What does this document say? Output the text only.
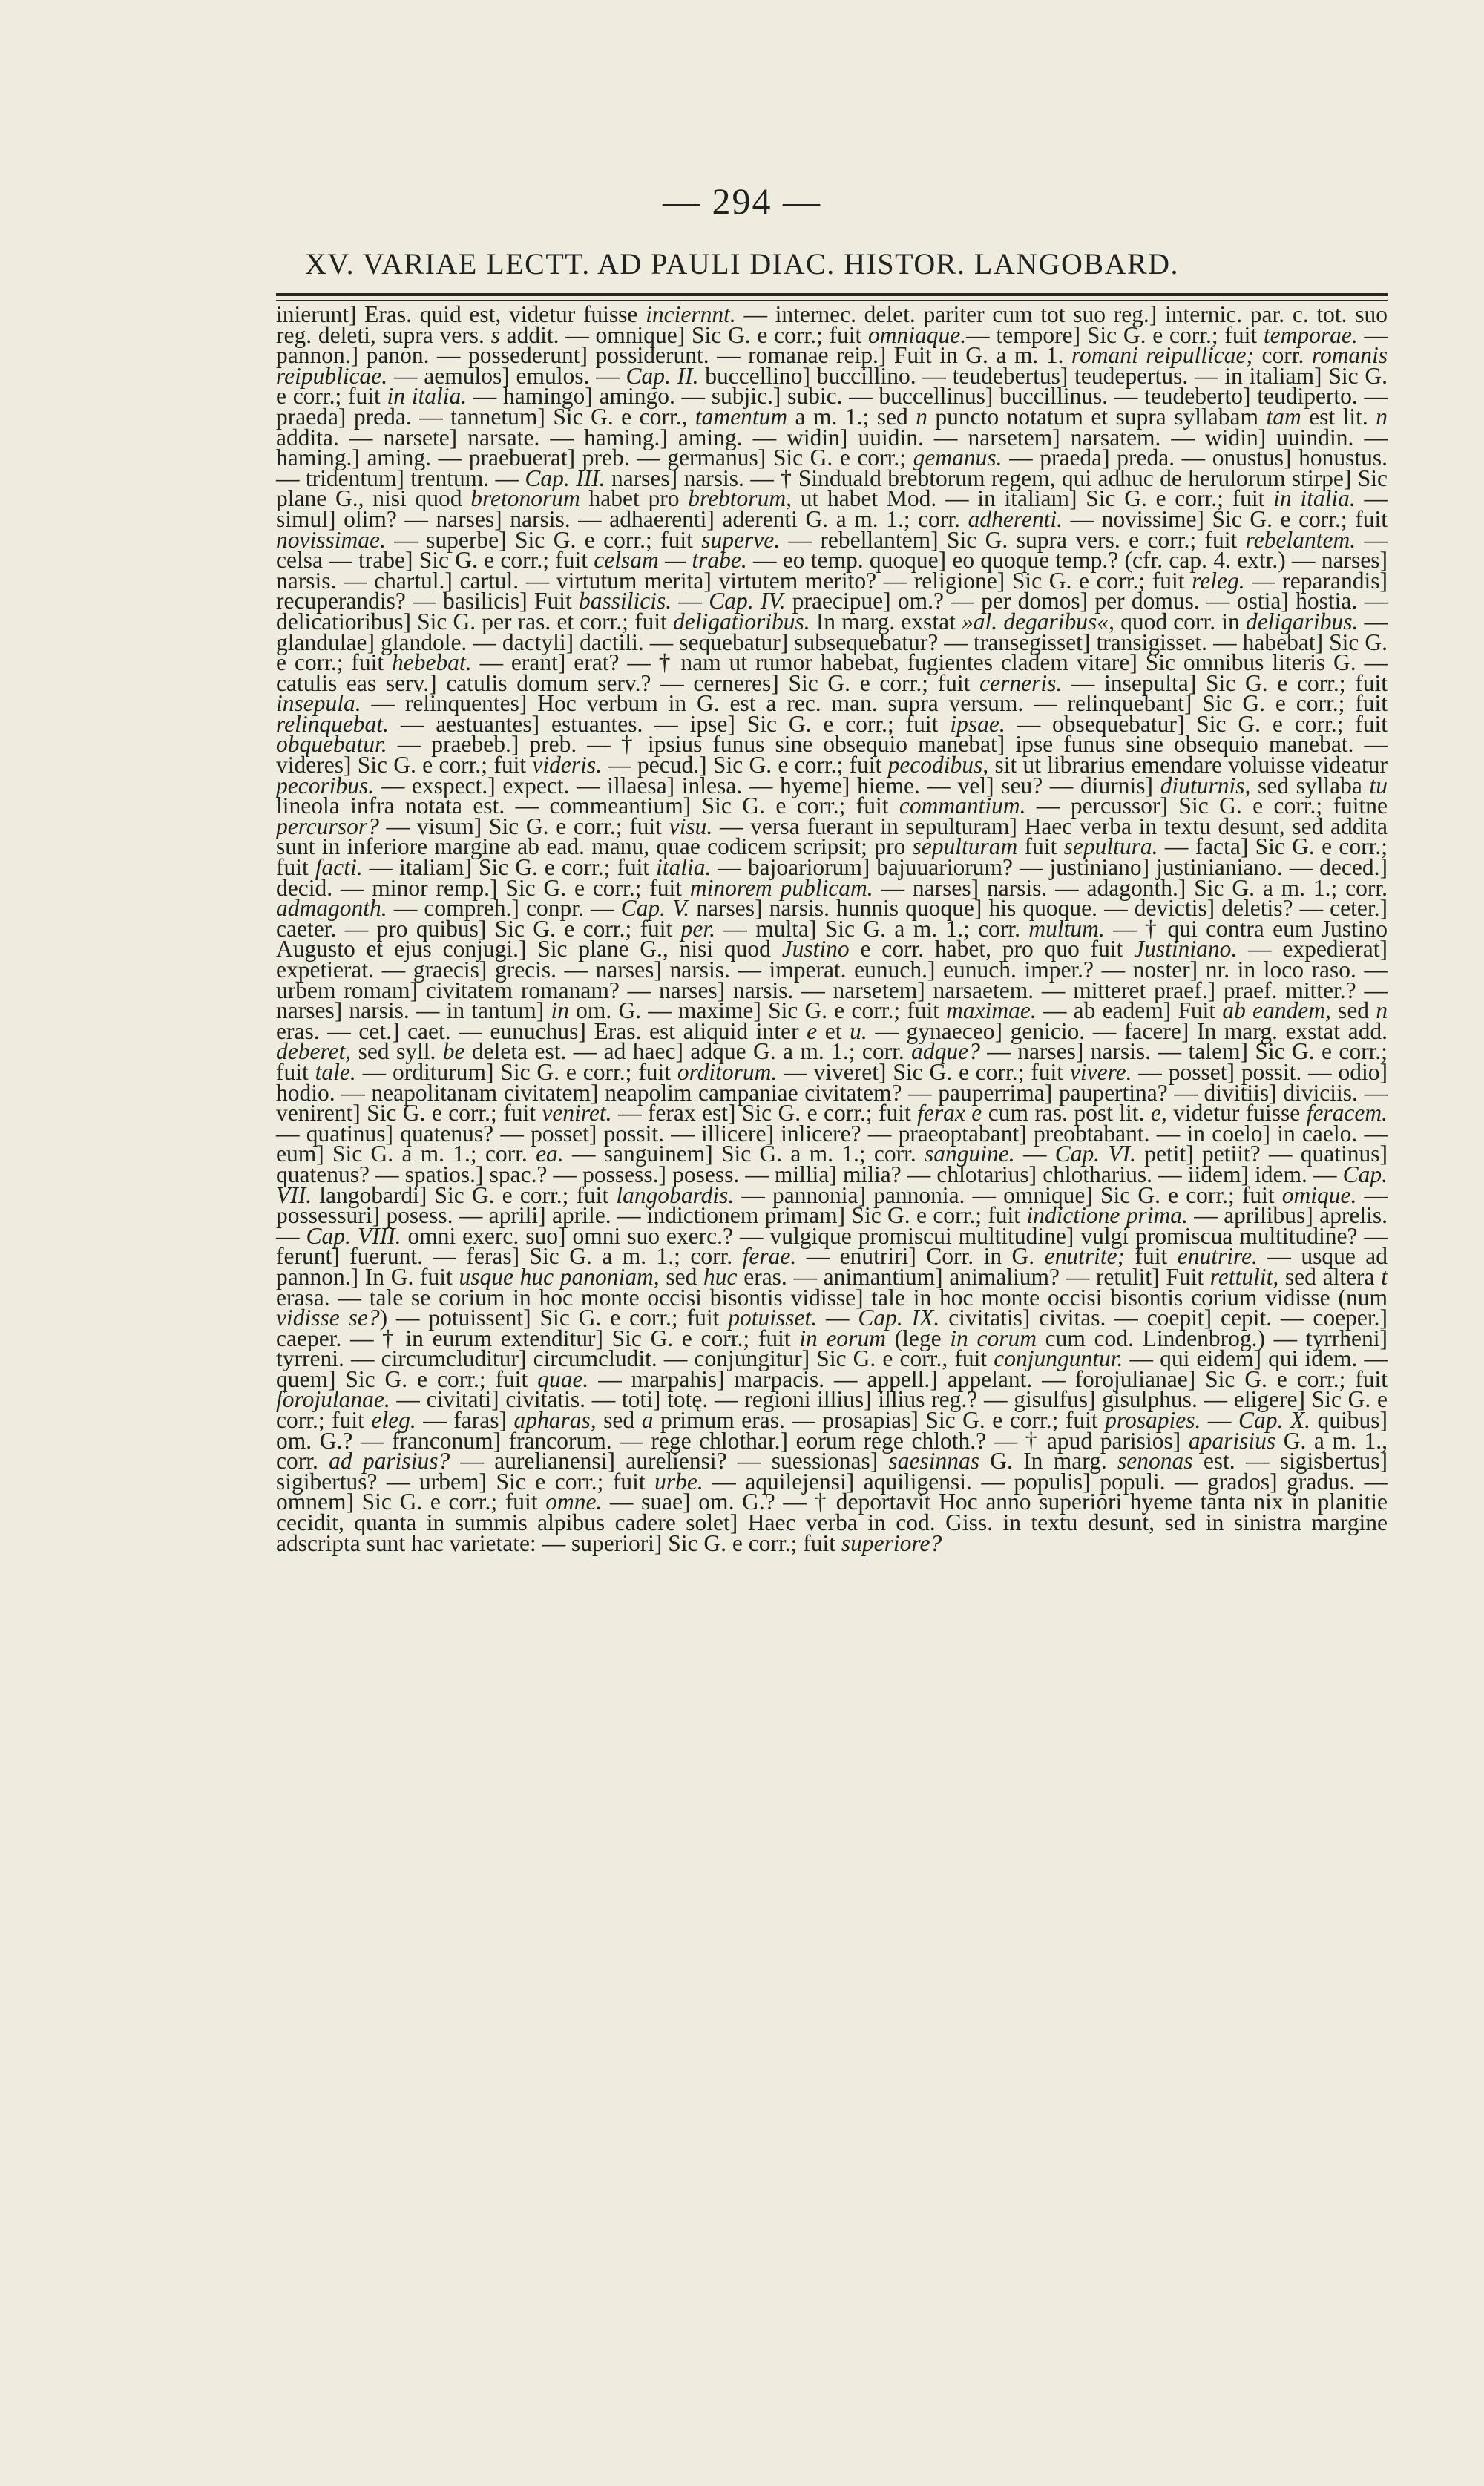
— 294 —
XV. VARIAE LECTT. AD PAULI DIAC. HISTOR. LANGOBARD.

inierunt] Eras. quid est, videtur fuisse inciernnt. — internec. delet. pariter cum tot suo reg.] internic. par. c. tot. suo reg. deleti, supra vers. s addit. — omnique] Sic G. e corr.; fuit omniaque.— tempore] Sic G. e corr.; fuit temporae. — pannon.] panon. — possederunt] possiderunt. — romanae reip.] Fuit in G. a m. 1. romani reipullicae; corr. romanis reipublicae. — aemulos] emulos. — Cap. II. buccellino] buccillino. — teudebertus] teudepertus. — in italiam] Sic G. e corr.; fuit in italia. — hamingo] amingo. — subjic.] subic. — buccellinus] buccillinus. — teudeberto] teudiperto. — praeda] preda. — tannetum] Sic G. e corr., tamentum a m. 1.; sed n puncto notatum et supra syllabam tam est lit. n addita. — narsete] narsate. — haming.] aming. — widin] uuidin. — narsetem] narsatem. — widin] uuindin. — haming.] aming. — praebuerat] preb. — germanus] Sic G. e corr.; gemanus. — praeda] preda. — onustus] honustus. — tridentum] trentum. — Cap. III. narses] narsis. — † Sinduald brebtorum regem, qui adhuc de herulorum stirpe] Sic plane G., nisi quod bretonorum habet pro brebtorum, ut habet Mod. — in italiam] Sic G. e corr.; fuit in italia. — simul] olim? — narses] narsis. — adhaerenti] aderenti G. a m. 1.; corr. adherenti. — novissime] Sic G. e corr.; fuit novissimae. — superbe] Sic G. e corr.; fuit superve. — rebellantem] Sic G. supra vers. e corr.; fuit rebelantem. — celsa — trabe] Sic G. e corr.; fuit celsam — trabe. — eo temp. quoque] eo quoque temp.? (cfr. cap. 4. extr.) — narses] narsis. — chartul.] cartul. — virtutum merita] virtutem merito? — religione] Sic G. e corr.; fuit releg. — reparandis] recuperandis? — basilicis] Fuit bassilicis. — Cap. IV. praecipue] om.? — per domos] per domus. — ostia] hostia. — delicatioribus] Sic G. per ras. et corr.; fuit deligatioribus. In marg. exstat »al. degaribus«, quod corr. in deligaribus. — glandulae] glandole. — dactyli] dactili. — sequebatur] subsequebatur? — transegisset] transigisset. — habebat] Sic G. e corr.; fuit hebebat. — erant] erat? — † nam ut rumor habebat, fugientes cladem vitare] Sic omnibus literis G. — catulis eas serv.] catulis domum serv.? — cerneres] Sic G. e corr.; fuit cerneris. — insepulta] Sic G. e corr.; fuit insepula. — relinquentes] Hoc verbum in G. est a rec. man. supra versum. — relinquebant] Sic G. e corr.; fuit relinquebat. — aestuantes] estuantes. — ipse] Sic G. e corr.; fuit ipsae. — obsequebatur] Sic G. e corr.; fuit obquebatur. — praebeb.] preb. — † ipsius funus sine obsequio manebat] ipse funus sine obsequio manebat. — videres] Sic G. e corr.; fuit videris. — pecud.] Sic G. e corr.; fuit pecodibus, sit ut librarius emendare voluisse videatur pecoribus. — exspect.] expect. — illaesa] inlesa. — hyeme] hieme. — vel] seu? — diurnis] diuturnis, sed syllaba tu lineola infra notata est. — commeantium] Sic G. e corr.; fuit commantium. — percussor] Sic G. e corr.; fuitne percursor? — visum] Sic G. e corr.; fuit visu. — versa fuerant in sepulturam] Haec verba in textu desunt, sed addita sunt in inferiore margine ab ead. manu, quae codicem scripsit; pro sepulturam fuit sepultura. — facta] Sic G. e corr.; fuit facti. — italiam] Sic G. e corr.; fuit italia. — bajoariorum] bajuuariorum? — justiniano] justinianiano. — deced.] decid. — minor remp.] Sic G. e corr.; fuit minorem publicam. — narses] narsis. — adagonth.] Sic G. a m. 1.; corr. admagonth. — compreh.] conpr. — Cap. V. narses] narsis. hunnis quoque] his quoque. — devictis] deletis? — ceter.] caeter. — pro quibus] Sic G. e corr.; fuit per. — multa] Sic G. a m. 1.; corr. multum. — † qui contra eum Justino Augusto et ejus conjugi.] Sic plane G., nisi quod Justino e corr. habet, pro quo fuit Justiniano. — expedierat] expetierat. — graecis] grecis. — narses] narsis. — imperat. eunuch.] eunuch. imper.? — noster] nr. in loco raso. — urbem romam] civitatem romanam? — narses] narsis. — narsetem] narsaetem. — mitteret praef.] praef. mitter.? — narses] narsis. — in tantum] in om. G. — maxime] Sic G. e corr.; fuit maximae. — ab eadem] Fuit ab eandem, sed n eras. — cet.] caet. — eunuchus] Eras. est aliquid inter e et u. — gynaeceo] genicio. — facere] In marg. exstat add. deberet, sed syll. be deleta est. — ad haec] adque G. a m. 1.; corr. adque? — narses] narsis. — talem] Sic G. e corr.; fuit tale. — orditurum] Sic G. e corr.; fuit orditorum. — viveret] Sic G. e corr.; fuit vivere. — posset] possit. — odio] hodio. — neapolitanam civitatem] neapolim campaniae civitatem? — pauperrima] paupertina? — divitiis] diviciis. — venirent] Sic G. e corr.; fuit veniret. — ferax est] Sic G. e corr.; fuit ferax e cum ras. post lit. e, videtur fuisse feracem. — quatinus] quatenus? — posset] possit. — illicere] inlicere? — praeoptabant] preobtabant. — in coelo] in caelo. — eum] Sic G. a m. 1.; corr. ea. — sanguinem] Sic G. a m. 1.; corr. sanguine. — Cap. VI. petit] petiit? — quatinus] quatenus? — spatios.] spac.? — possess.] posess. — millia] milia? — chlotarius] chlotharius. — iidem] idem. — Cap. VII. langobardi] Sic G. e corr.; fuit langobardis. — pannonia] pannonia. — omnique] Sic G. e corr.; fuit omique. — possessuri] posess. — aprili] aprile. — indictionem primam] Sic G. e corr.; fuit indictione prima. — aprilibus] aprelis. — Cap. VIII. omni exerc. suo] omni suo exerc.? — vulgique promiscui multitudine] vulgi promiscua multitudine? — ferunt] fuerunt. — feras] Sic G. a m. 1.; corr. ferae. — enutriri] Corr. in G. enutrite; fuit enutrire. — usque ad pannon.] In G. fuit usque huc panoniam, sed huc eras. — animantium] animalium? — retulit] Fuit rettulit, sed altera t erasa. — tale se corium in hoc monte occisi bisontis vidisse] tale in hoc monte occisi bisontis corium vidisse (num vidisse se?) — potuissent] Sic G. e corr.; fuit potuisset. — Cap. IX. civitatis] civitas. — coepit] cepit. — coeper.] caeper. — † in eurum extenditur] Sic G. e corr.; fuit in eorum (lege in corum cum cod. Lindenbrog.) — tyrrheni] tyrreni. — circumcluditur] circumcludit. — conjungitur] Sic G. e corr., fuit conjunguntur. — qui eidem] qui idem. — quem] Sic G. e corr.; fuit quae. — marpahis] marpacis. — appell.] appelant. — forojulianae] Sic G. e corr.; fuit forojulanae. — civitati] civitatis. — toti] totę. — regioni illius] illius reg.? — gisulfus] gisulphus. — eligere] Sic G. e corr.; fuit eleg. — faras] apharas, sed a primum eras. — prosapias] Sic G. e corr.; fuit prosapies. — Cap. X. quibus] om. G.? — franconum] francorum. — rege chlothar.] eorum rege chloth.? — † apud parisios] aparisius G. a m. 1., corr. ad parisius? — aurelianensi] aureliensi? — suessionas] saesinnas G. In marg. senonas est. — sigisbertus] sigibertus? — urbem] Sic e corr.; fuit urbe. — aquilejensi] aquiligensi. — populis] populi. — grados] gradus. — omnem] Sic G. e corr.; fuit omne. — suae] om. G.? — † deportavit Hoc anno superiori hyeme tanta nix in planitie cecidit, quanta in summis alpibus cadere solet] Haec verba in cod. Giss. in textu desunt, sed in sinistra margine adscripta sunt hac varietate: — superiori] Sic G. e corr.; fuit superiore?
